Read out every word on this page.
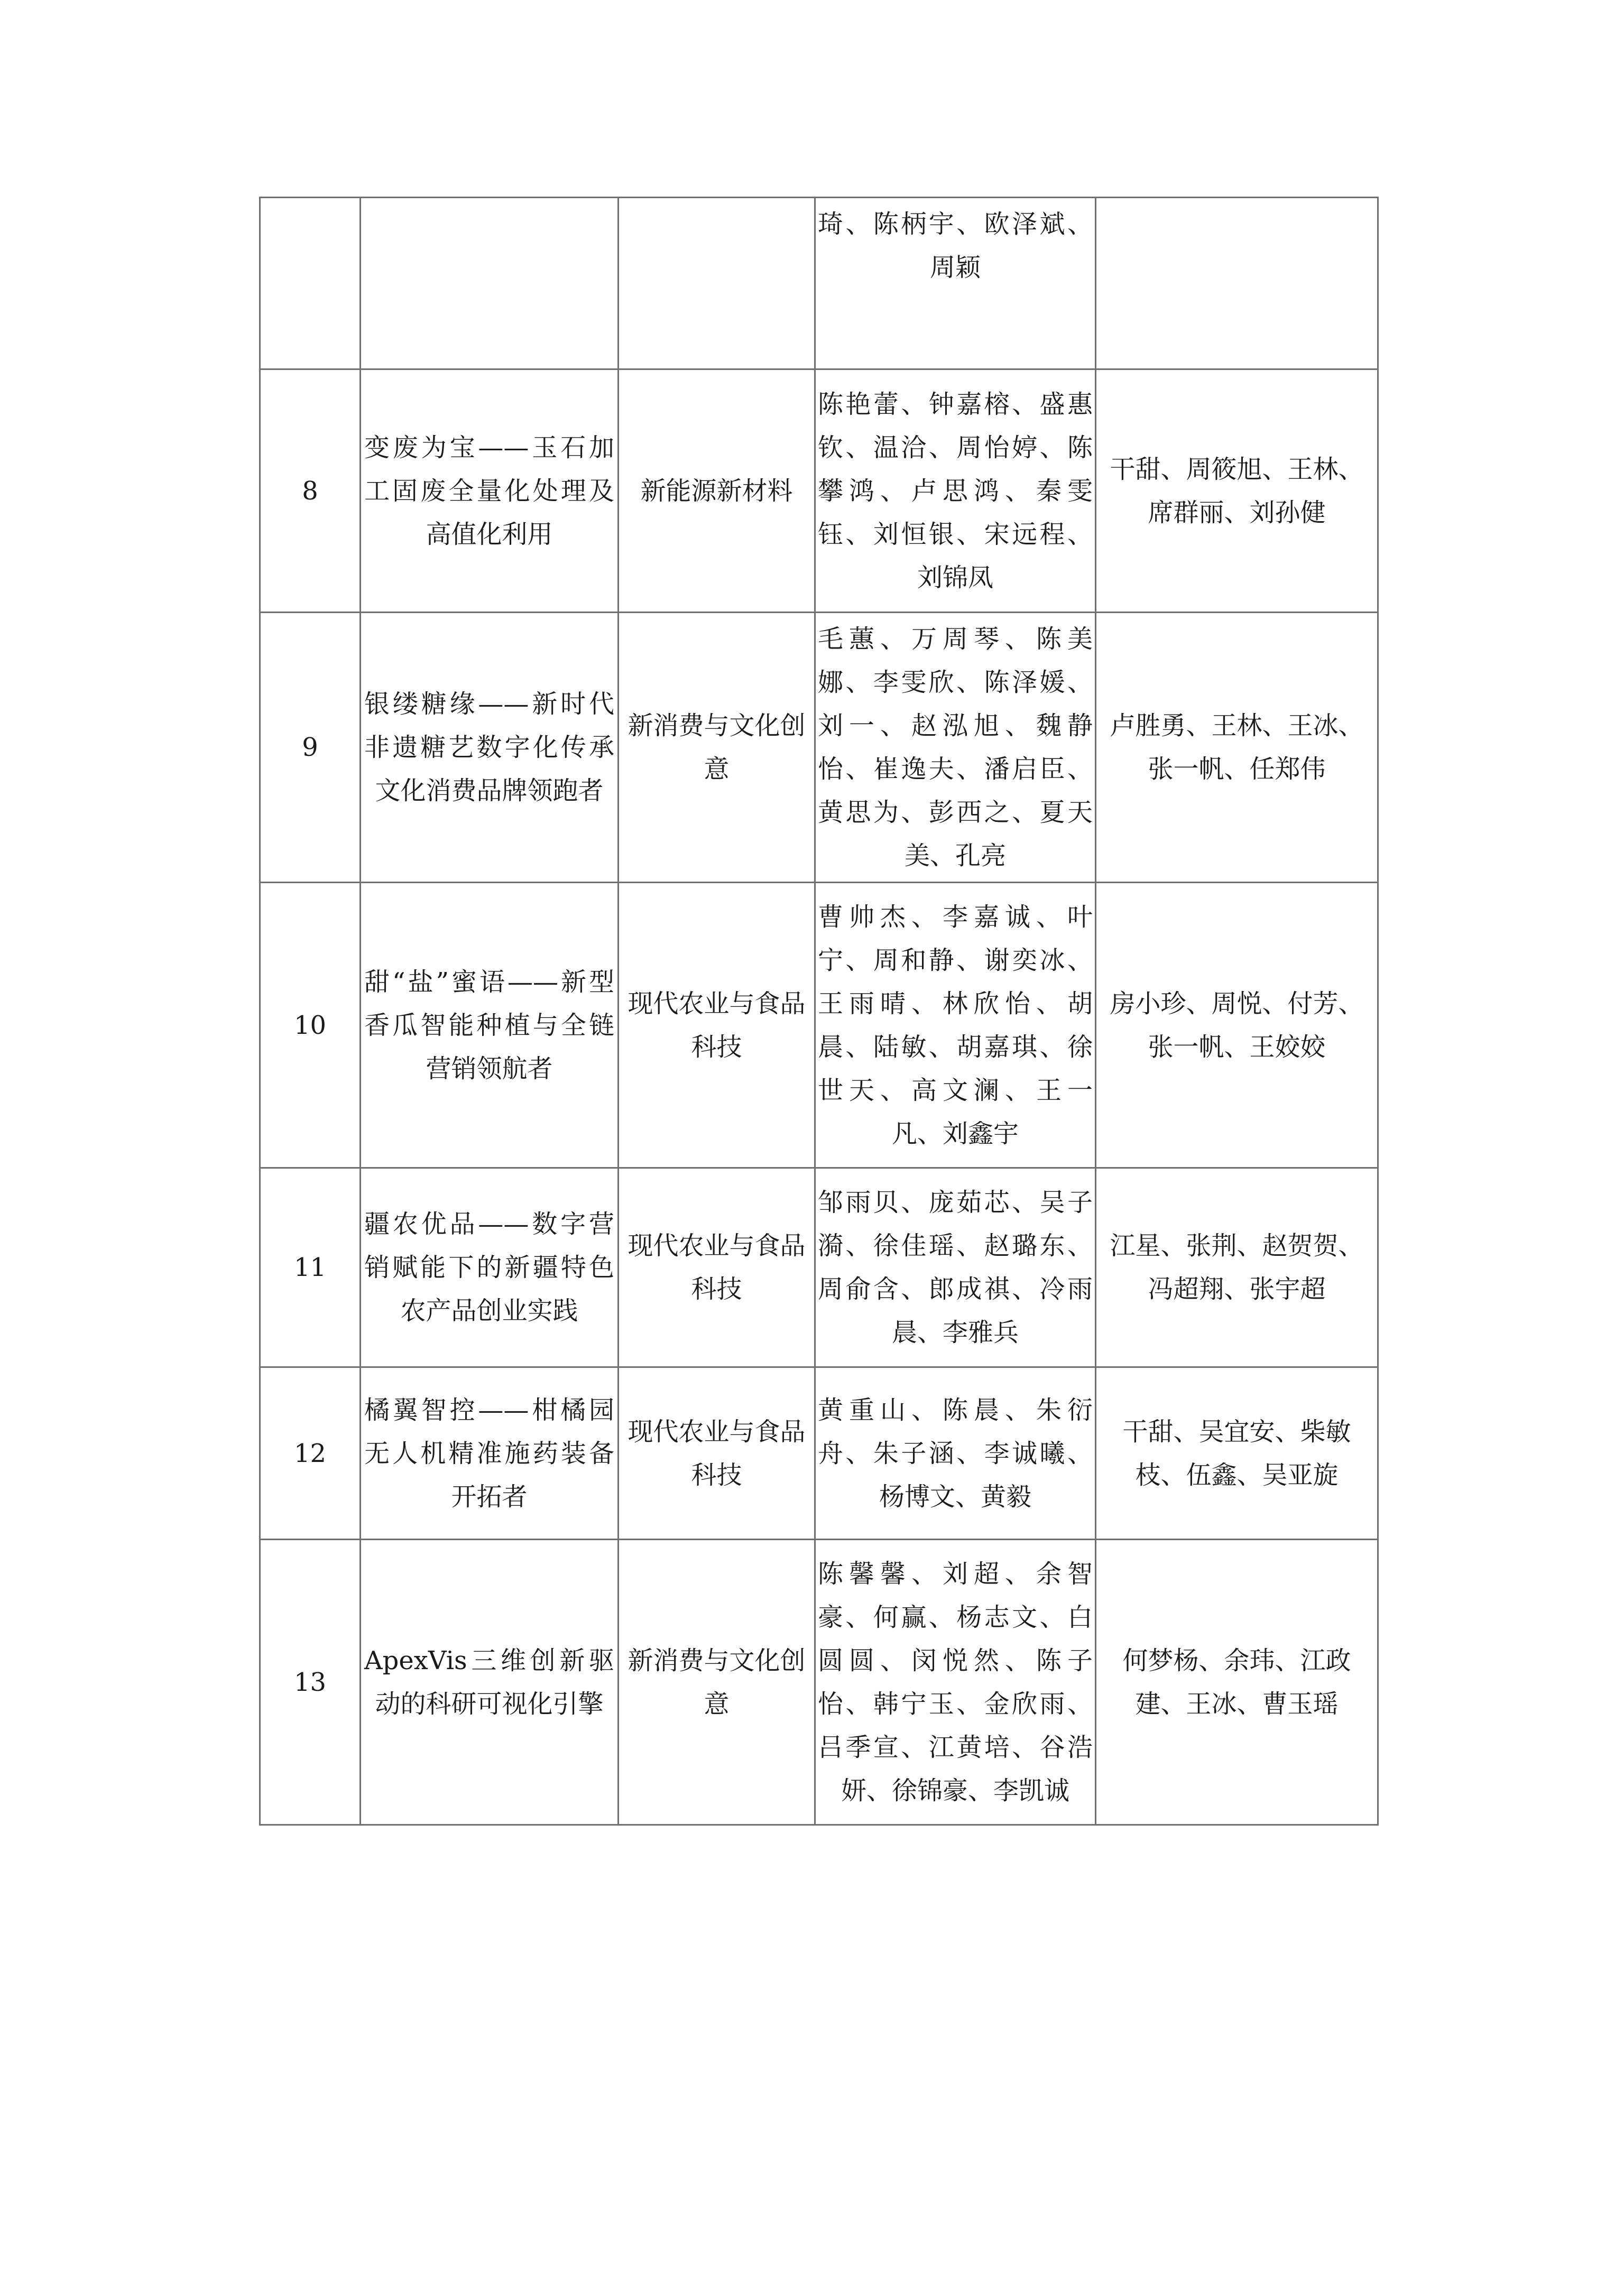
			琦、陈柄宇、欧泽斌、周颖	
8	变废为宝——玉石加工固废全量化处理及高值化利用	新能源新材料	陈艳蕾、钟嘉榕、盛惠钦、温洽、周怡婷、陈攀鸿、卢思鸿、秦雯钰、刘恒银、宋远程、刘锦凤	干甜、周筱旭、王林、席群丽、刘孙健
9	银缕糖缘——新时代非遗糖艺数字化传承文化消费品牌领跑者	新消费与文化创意	毛蕙、万周琴、陈美娜、李雯欣、陈泽媛、刘一、赵泓旭、魏静怡、崔逸夫、潘启臣、黄思为、彭西之、夏天美、孔亮	卢胜勇、王林、王冰、张一帆、任郑伟
10	甜“盐”蜜语——新型香瓜智能种植与全链营销领航者	现代农业与食品科技	曹帅杰、李嘉诚、叶宁、周和静、谢奕冰、王雨晴、林欣怡、胡晨、陆敏、胡嘉琪、徐世天、高文澜、王一凡、刘鑫宇	房小珍、周悦、付芳、张一帆、王姣姣
11	疆农优品——数字营销赋能下的新疆特色农产品创业实践	现代农业与食品科技	邹雨贝、庞茹芯、吴子漪、徐佳瑶、赵璐东、周俞含、郎成祺、冷雨晨、李雅兵	江星、张荆、赵贺贺、冯超翔、张宇超
12	橘翼智控——柑橘园无人机精准施药装备开拓者	现代农业与食品科技	黄重山、陈晨、朱衍舟、朱子涵、李诚曦、杨博文、黄毅	干甜、吴宜安、柴敏枝、伍鑫、吴亚旋
13	ApexVis三维创新驱动的科研可视化引擎	新消费与文化创意	陈馨馨、刘超、余智豪、何赢、杨志文、白圆圆、闵悦然、陈子怡、韩宁玉、金欣雨、吕季宣、江黄培、谷浩妍、徐锦豪、李凯诚	何梦杨、余玮、江政建、王冰、曹玉瑶
